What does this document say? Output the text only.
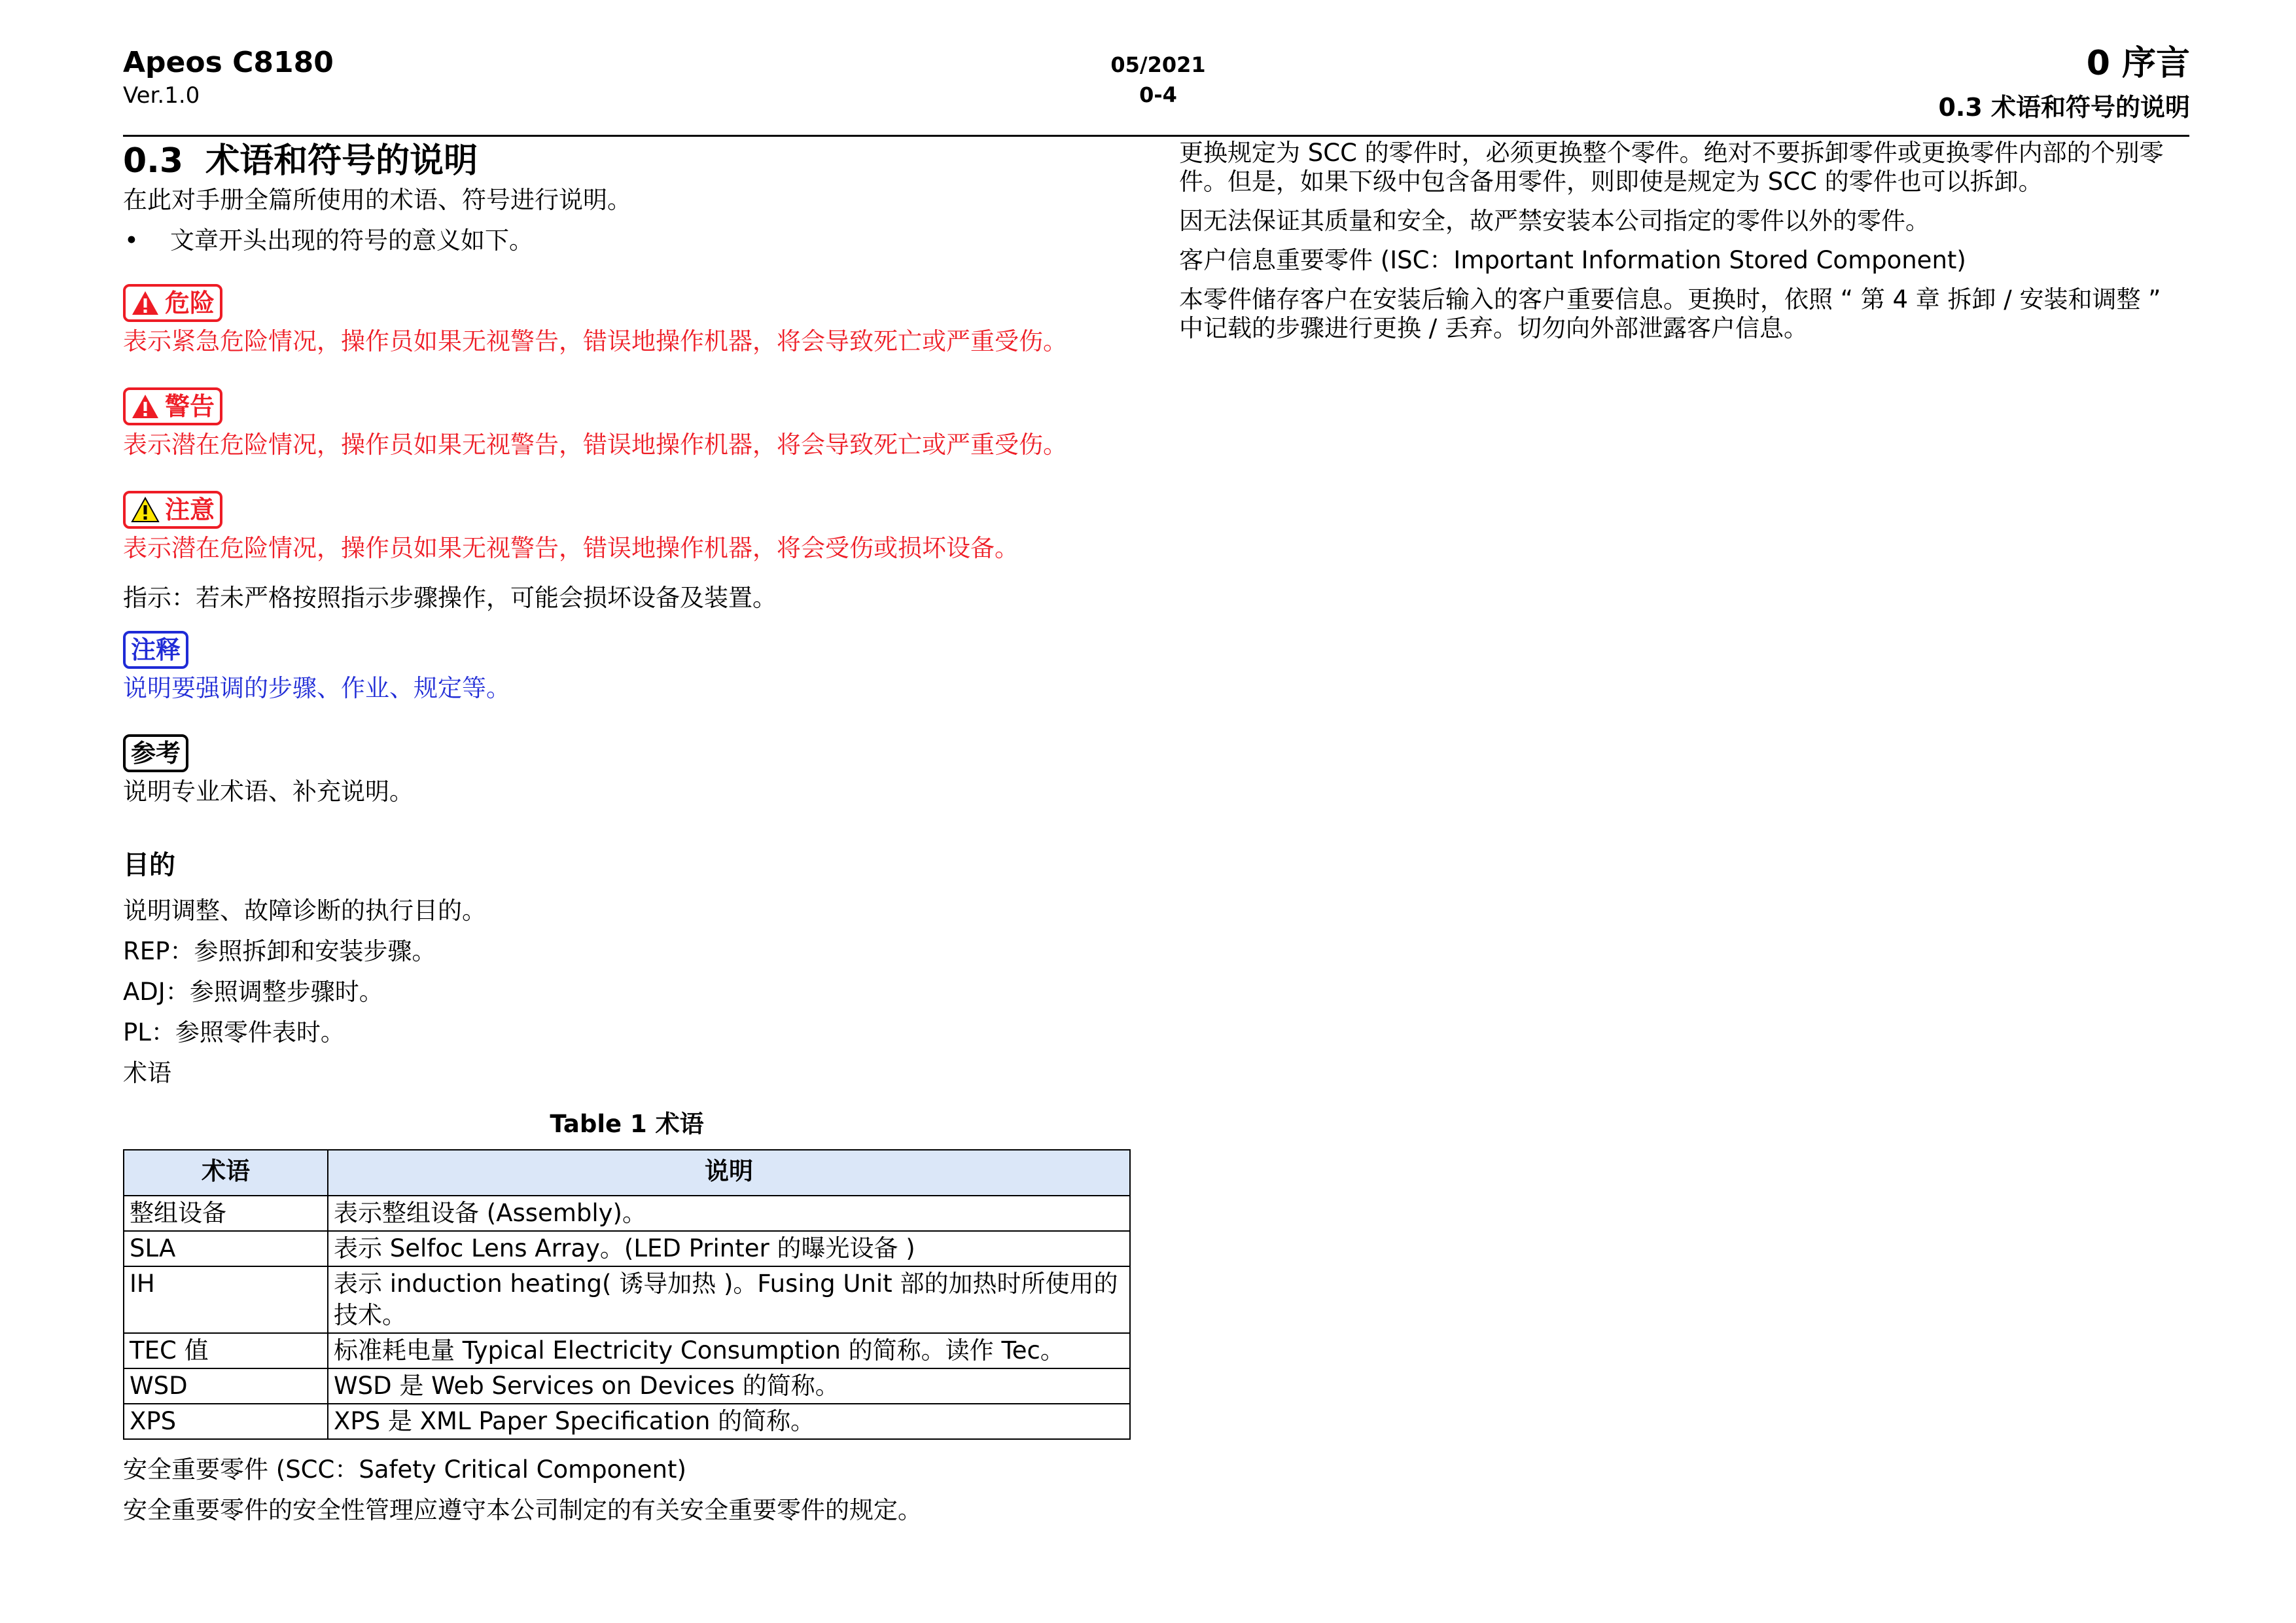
Apeos C8180
Ver.1.0
05/2021
0-4
0 序言
0.3 术语和符号的说明
0.3 术语和符号的说明

在此对手册全篇所使用的术语、符号进行说明。

•	文章开头出现的符号的意义如下。
危险

表示紧急危险情况，操作员如果无视警告，错误地操作机器，将会导致死亡或严重受伤。

警告

表示潜在危险情况，操作员如果无视警告，错误地操作机器，将会导致死亡或严重受伤。

注意

表示潜在危险情况，操作员如果无视警告，错误地操作机器，将会受伤或损坏设备。

指示：若未严格按照指示步骤操作，可能会损坏设备及装置。

注释

说明要强调的步骤、作业、规定等。

参考

说明专业术语、补充说明。

目的

说明调整、故障诊断的执行目的。

REP：参照拆卸和安装步骤。

ADJ：参照调整步骤时。

PL：参照零件表时。

术语

Table 1 术语
术语	说明
整组设备	表示整组设备 (Assembly)。
SLA	表示 Selfoc Lens Array。(LED Printer 的曝光设备 )
IH	表示 induction heating( 诱导加热 )。Fusing Unit 部的加热时所使用的技术。
TEC 值	标准耗电量 Typical Electricity Consumption 的简称。读作 Tec。
WSD	WSD 是 Web Services on Devices 的简称。
XPS	XPS 是 XML Paper Specification 的简称。

安全重要零件 (SCC：Safety Critical Component)

安全重要零件的安全性管理应遵守本公司制定的有关安全重要零件的规定。

更换规定为 SCC 的零件时，必须更换整个零件。绝对不要拆卸零件或更换零件内部的个别零件。但是，如果下级中包含备用零件，则即使是规定为 SCC 的零件也可以拆卸。

因无法保证其质量和安全，故严禁安装本公司指定的零件以外的零件。

客户信息重要零件 (ISC：Important Information Stored Component)

本零件储存客户在安装后输入的客户重要信息。更换时，依照 “ 第 4 章 拆卸 / 安装和调整 ” 中记载的步骤进行更换 / 丢弃。切勿向外部泄露客户信息。
